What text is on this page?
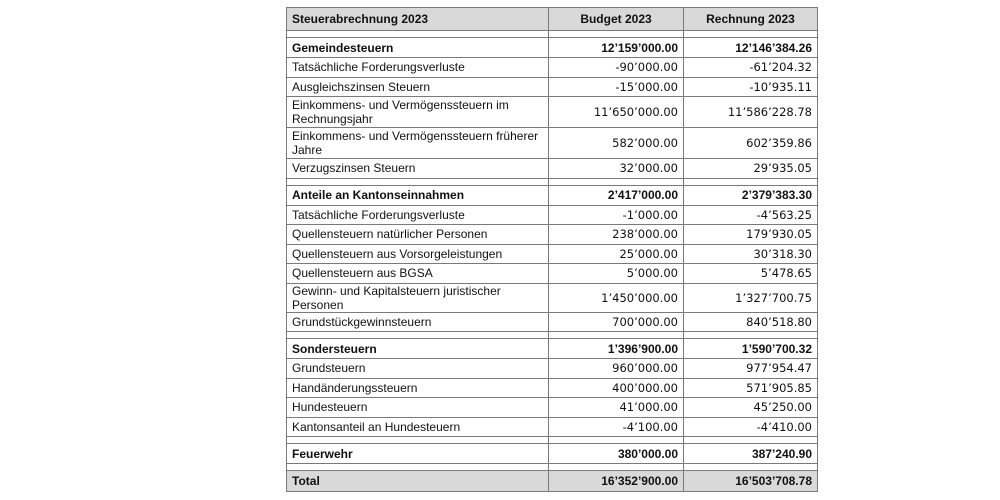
Steuerabrechnung 2023	Budget 2023	Rechnung 2023

Gemeindesteuern	12’159’000.00	12’146’384.26
Tatsächliche Forderungsverluste	-90’000.00	-61’204.32
Ausgleichszinsen Steuern	-15’000.00	-10’935.11
Einkommens- und Vermögenssteuern im Rechnungsjahr	11’650’000.00	11’586’228.78
Einkommens- und Vermögenssteuern früherer Jahre	582’000.00	602’359.86
Verzugszinsen Steuern	32’000.00	29’935.05

Anteile an Kantonseinnahmen	2’417’000.00	2’379’383.30
Tatsächliche Forderungsverluste	-1’000.00	-4’563.25
Quellensteuern natürlicher Personen	238’000.00	179’930.05
Quellensteuern aus Vorsorgeleistungen	25’000.00	30’318.30
Quellensteuern aus BGSA	5’000.00	5’478.65
Gewinn- und Kapitalsteuern juristischer Personen	1’450’000.00	1’327’700.75
Grundstückgewinnsteuern	700’000.00	840’518.80

Sondersteuern	1’396’900.00	1’590’700.32
Grundsteuern	960’000.00	977’954.47
Handänderungssteuern	400’000.00	571’905.85
Hundesteuern	41’000.00	45’250.00
Kantonsanteil an Hundesteuern	-4’100.00	-4’410.00

Feuerwehr	380’000.00	387’240.90

Total	16’352’900.00	16’503’708.78
